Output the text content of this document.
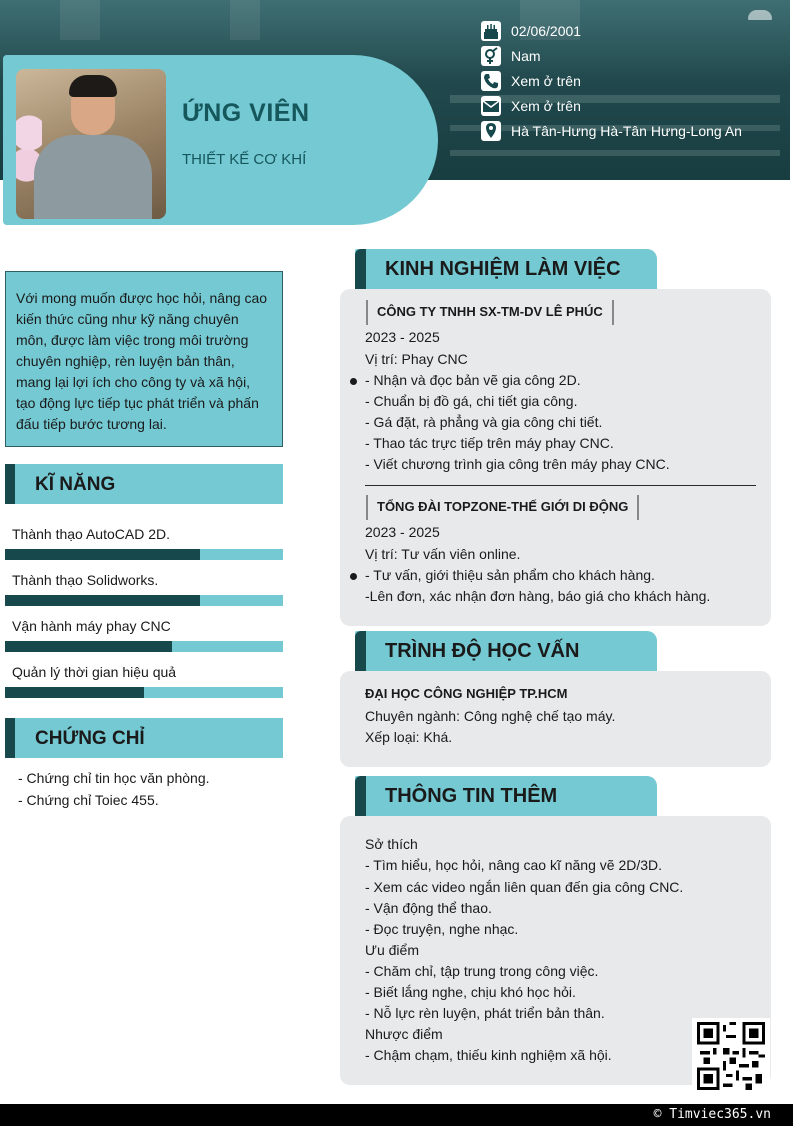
ỨNG VIÊN
THIẾT KẾ CƠ KHÍ
02/06/2001
Nam
Xem ở trên
Xem ở trên
Hà Tân-Hưng Hà-Tân Hưng-Long An
Với mong muốn được học hỏi, nâng cao kiến thức cũng như kỹ năng chuyên môn, được làm việc trong môi trường chuyên nghiệp, rèn luyện bản thân, mang lại lợi ích cho công ty và xã hội, tạo động lực tiếp tục phát triển và phấn đấu tiếp bước tương lai.
KĨ NĂNG
Thành thạo AutoCAD 2D.
Thành thạo Solidworks.
Vận hành máy phay CNC
Quản lý thời gian hiệu quả
CHỨNG CHỈ
- Chứng chỉ tin học văn phòng.
- Chứng chỉ Toiec 455.
KINH NGHIỆM LÀM VIỆC
CÔNG TY TNHH SX-TM-DV LÊ PHÚC
2023 - 2025
Vị trí: Phay CNC
- Nhận và đọc bản vẽ gia công 2D.
- Chuẩn bị đồ gá, chi tiết gia công.
- Gá đặt, rà phẳng và gia công chi tiết.
- Thao tác trực tiếp trên máy phay CNC.
- Viết chương trình gia công trên máy phay CNC.
TỔNG ĐÀI TOPZONE-THẾ GIỚI DI ĐỘNG
2023 - 2025
Vị trí: Tư vấn viên online.
- Tư vấn, giới thiệu sản phẩm cho khách hàng.
-Lên đơn, xác nhận đơn hàng, báo giá cho khách hàng.
TRÌNH ĐỘ HỌC VẤN
ĐẠI HỌC CÔNG NGHIỆP TP.HCM
Chuyên ngành: Công nghệ chế tạo máy.
Xếp loại: Khá.
THÔNG TIN THÊM
Sở thích
- Tìm hiểu, học hỏi, nâng cao kĩ năng vẽ 2D/3D.
- Xem các video ngắn liên quan đến gia công CNC.
- Vận động thể thao.
- Đọc truyện, nghe nhạc.
Ưu điểm
- Chăm chỉ, tập trung trong công việc.
- Biết lắng nghe, chịu khó học hỏi.
- Nỗ lực rèn luyện, phát triển bản thân.
Nhược điểm
- Chậm chạm, thiếu kinh nghiệm xã hội.
© Timviec365.vn
